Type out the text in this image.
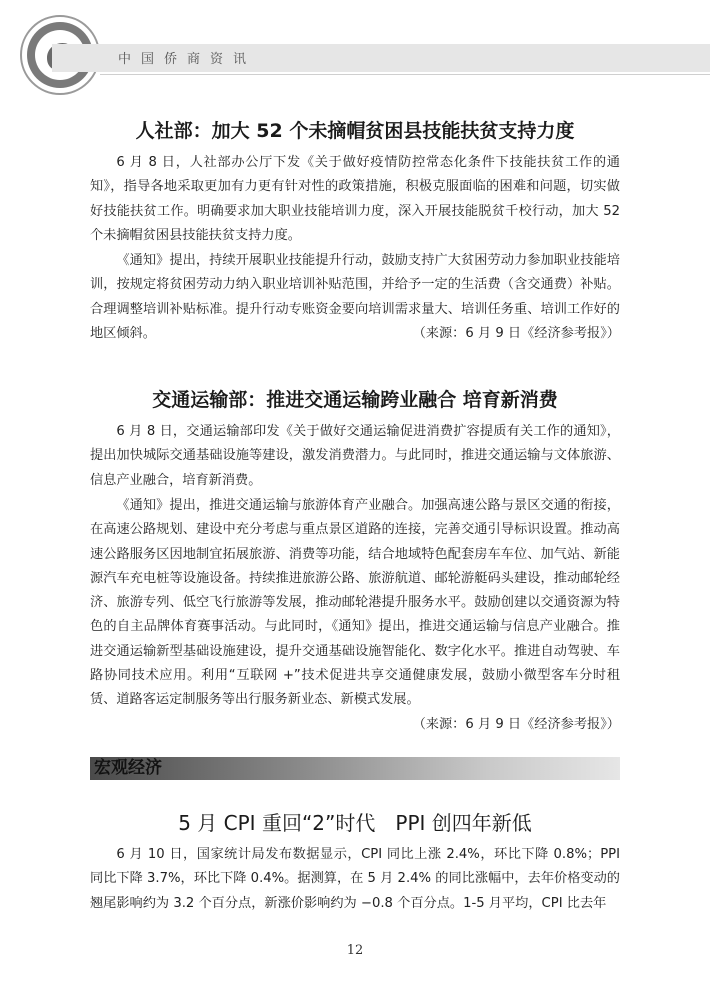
中国侨商资讯
人社部：加大 52 个未摘帽贫困县技能扶贫支持力度
6 月 8 日，人社部办公厅下发《关于做好疫情防控常态化条件下技能扶贫工作的通知》，指导各地采取更加有力更有针对性的政策措施，积极克服面临的困难和问题，切实做好技能扶贫工作。明确要求加大职业技能培训力度，深入开展技能脱贫千校行动，加大 52 个未摘帽贫困县技能扶贫支持力度。
《通知》提出，持续开展职业技能提升行动，鼓励支持广大贫困劳动力参加职业技能培训，按规定将贫困劳动力纳入职业培训补贴范围，并给予一定的生活费（含交通费）补贴。合理调整培训补贴标准。提升行动专账资金要向培训需求量大、培训任务重、培训工作好的地区倾斜。	（来源：6 月 9 日《经济参考报》）
交通运输部：推进交通运输跨业融合 培育新消费
6 月 8 日，交通运输部印发《关于做好交通运输促进消费扩容提质有关工作的通知》，提出加快城际交通基础设施等建设，激发消费潜力。与此同时，推进交通运输与文体旅游、信息产业融合，培育新消费。
《通知》提出，推进交通运输与旅游体育产业融合。加强高速公路与景区交通的衔接，在高速公路规划、建设中充分考虑与重点景区道路的连接，完善交通引导标识设置。推动高速公路服务区因地制宜拓展旅游、消费等功能，结合地域特色配套房车车位、加气站、新能源汽车充电桩等设施设备。持续推进旅游公路、旅游航道、邮轮游艇码头建设，推动邮轮经济、旅游专列、低空飞行旅游等发展，推动邮轮港提升服务水平。鼓励创建以交通资源为特色的自主品牌体育赛事活动。与此同时，《通知》提出，推进交通运输与信息产业融合。推进交通运输新型基础设施建设，提升交通基础设施智能化、数字化水平。推进自动驾驶、车路协同技术应用。利用“互联网 +”技术促进共享交通健康发展，鼓励小微型客车分时租赁、道路客运定制服务等出行服务新业态、新模式发展。
（来源：6 月 9 日《经济参考报》）
宏观经济
5 月 CPI 重回“2”时代　PPI 创四年新低
6 月 10 日，国家统计局发布数据显示，CPI 同比上涨 2.4%，环比下降 0.8%；PPI 同比下降 3.7%，环比下降 0.4%。据测算，在 5 月 2.4% 的同比涨幅中，去年价格变动的翘尾影响约为 3.2 个百分点，新涨价影响约为 −0.8 个百分点。1-5 月平均，CPI 比去年
12
